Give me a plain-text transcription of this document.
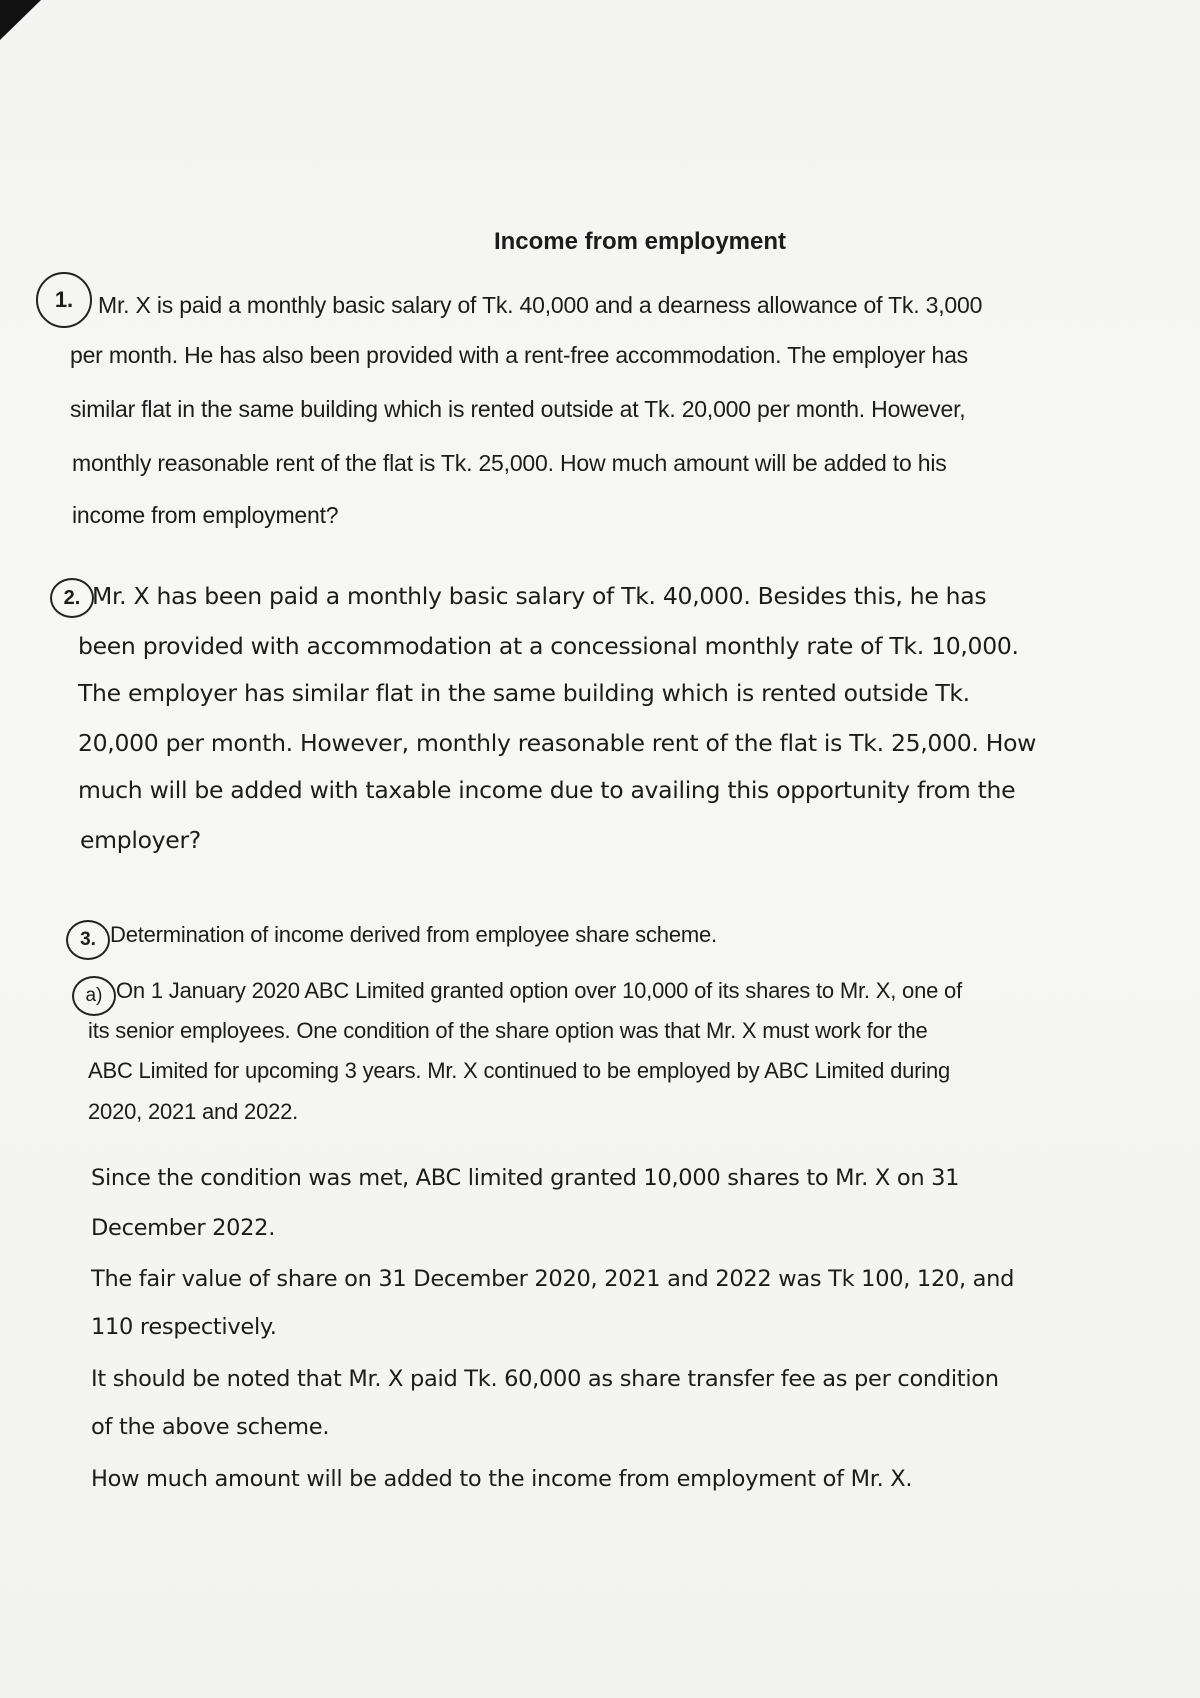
Income from employment
1.	Mr. X is paid a monthly basic salary of Tk. 40,000 and a dearness allowance of Tk. 3,000
per month. He has also been provided with a rent-free accommodation. The employer has
similar flat in the same building which is rented outside at Tk. 20,000 per month. However,
monthly reasonable rent of the flat is Tk. 25,000. How much amount will be added to his
income from employment?
2. Mr. X has been paid a monthly basic salary of Tk. 40,000. Besides this, he has
been provided with accommodation at a concessional monthly rate of Tk. 10,000.
The employer has similar flat in the same building which is rented outside Tk.
20,000 per month. However, monthly reasonable rent of the flat is Tk. 25,000. How
much will be added with taxable income due to availing this opportunity from the
employer?
3. Determination of income derived from employee share scheme.
a) On 1 January 2020 ABC Limited granted option over 10,000 of its shares to Mr. X, one of
its senior employees. One condition of the share option was that Mr. X must work for the
ABC Limited for upcoming 3 years. Mr. X continued to be employed by ABC Limited during
2020, 2021 and 2022.
Since the condition was met, ABC limited granted 10,000 shares to Mr. X on 31
December 2022.
The fair value of share on 31 December 2020, 2021 and 2022 was Tk 100, 120, and
110 respectively.
It should be noted that Mr. X paid Tk. 60,000 as share transfer fee as per condition
of the above scheme.
How much amount will be added to the income from employment of Mr. X.
